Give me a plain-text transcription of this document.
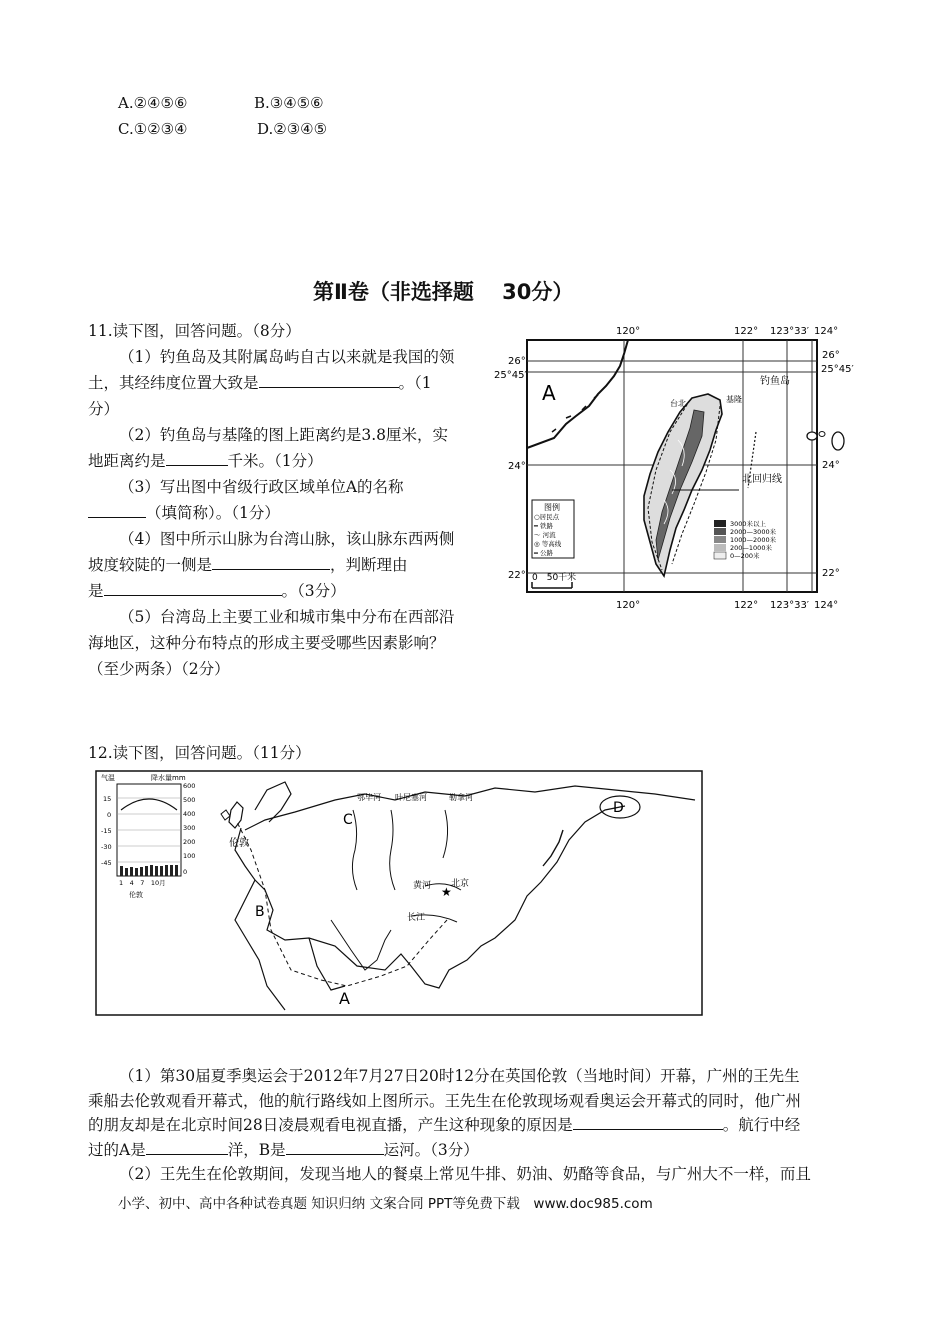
A.②④⑤⑥	B.③④⑤⑥
C.①②③④	D.②③④⑤
第Ⅱ卷（非选择题　 30分）
11.读下图，回答问题。（8分）
（1）钓鱼岛及其附属岛屿自古以来就是我国的领
土，其经纬度位置大致是	。（1
分）
（2）钓鱼岛与基隆的图上距离约是3.8厘米，实
地距离约是	千米。（1分）
（3）写出图中省级行政区域单位A的名称
（填简称）。（1分）
（4）图中所示山脉为台湾山脉，该山脉东西两侧
坡度较陡的一侧是	，判断理由
是	。（3分）
（5）台湾岛上主要工业和城市集中分布在西部沿
海地区，这种分布特点的形成主要受哪些因素影响？
（至少两条）（2分）
120°	122° 123°33′ 124°
120°	122° 123°33′ 124°
26°
25°45′
24°
22°
26°
25°45′
24°
22°
A	钓鱼岛
北回归线
基隆
台北
图例
○居民点
━ 铁路
～ 河流
◎ 等高线
═ 公路
3000米以上
2000—3000米
1000—2000米
200—1000米
0—200米
0　50千米
12.读下图，回答问题。（11分）
★
A
B
C
D
伦敦
北京
黄河
长江
鄂毕河 叶尼塞河	勒拿河
气温	降水量mm
15
0
-15
-30
-45
600
500
400
300
200
100
0
1　4　7　10月
伦敦
（1）第30届夏季奥运会于2012年7月27日20时12分在英国伦敦（当地时间）开幕，广州的王先生
乘船去伦敦观看开幕式，他的航行路线如上图所示。王先生在伦敦现场观看奥运会开幕式的同时，他广州
的朋友却是在北京时间28日凌晨观看电视直播，产生这种现象的原因是	。航行中经
过的A是	洋，B是	运河。（3分）
（2）王先生在伦敦期间，发现当地人的餐桌上常见牛排、奶油、奶酪等食品，与广州大不一样，而且
小学、初中、高中各种试卷真题 知识归纳 文案合同 PPT等免费下载　www.doc985.com
